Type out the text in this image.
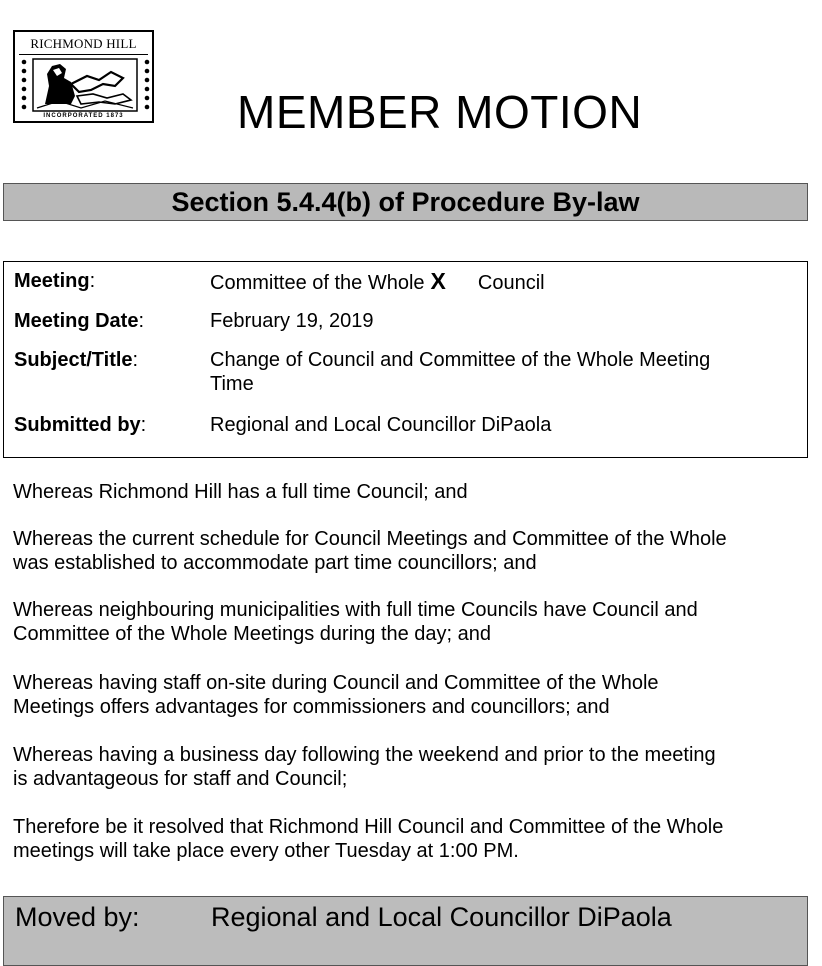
RICHMOND HILL
INCORPORATED 1873	MEMBER MOTION
Section 5.4.4(b) of Procedure By-law
Meeting:	Committee of the Whole X Council
Meeting Date:	February 19, 2019
Subject/Title:	Change of Council and Committee of the Whole Meeting
Time
Submitted by:	Regional and Local Councillor DiPaola
Whereas Richmond Hill has a full time Council; and
Whereas the current schedule for Council Meetings and Committee of the Whole
was established to accommodate part time councillors; and
Whereas neighbouring municipalities with full time Councils have Council and
Committee of the Whole Meetings during the day; and
Whereas having staff on-site during Council and Committee of the Whole
Meetings offers advantages for commissioners and councillors; and
Whereas having a business day following the weekend and prior to the meeting
is advantageous for staff and Council;
Therefore be it resolved that Richmond Hill Council and Committee of the Whole
meetings will take place every other Tuesday at 1:00 PM.
Moved by:	Regional and Local Councillor DiPaola
